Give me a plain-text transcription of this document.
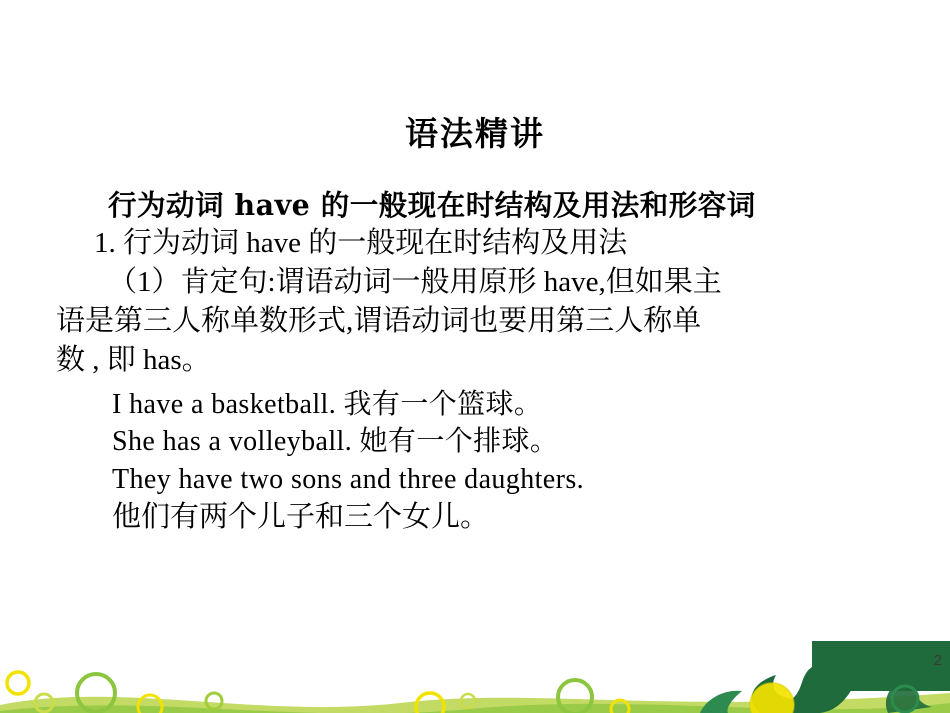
语法精讲
行为动词 have 的一般现在时结构及用法和形容词
1. 行为动词 have 的一般现在时结构及用法
（1）肯定句:谓语动词一般用原形 have,但如果主
语是第三人称单数形式,谓语动词也要用第三人称单
数 , 即 has。
I have a basketball. 我有一个篮球。
She has a volleyball. 她有一个排球。
They have two sons and three daughters.
他们有两个儿子和三个女儿。
2
